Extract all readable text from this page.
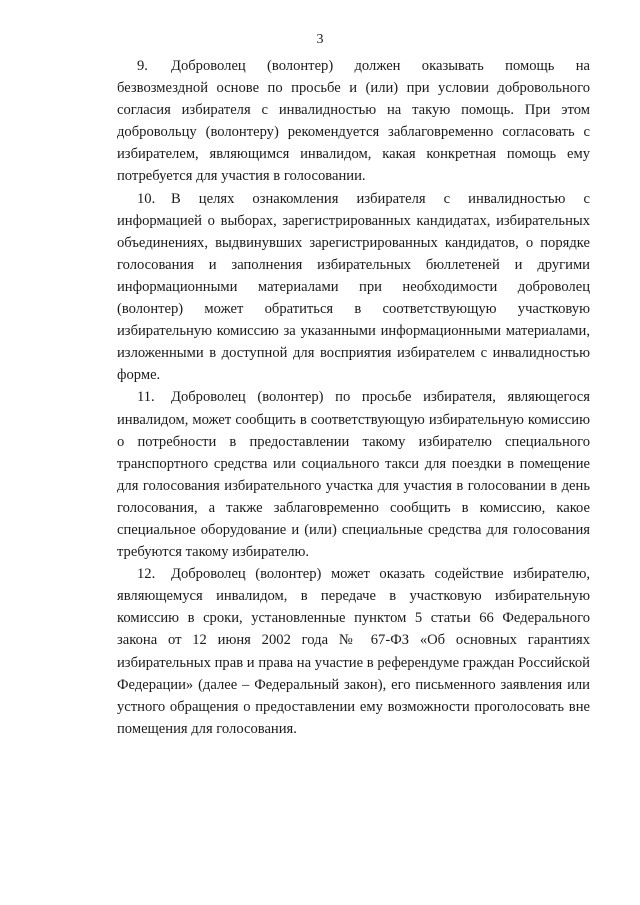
3

9. Доброволец (волонтер) должен оказывать помощь на безвозмездной основе по просьбе и (или) при условии добровольного согласия избирателя с инвалидностью на такую помощь. При этом добровольцу (волонтеру) рекомендуется заблаговременно согласовать с избирателем, являющимся инвалидом, какая конкретная помощь ему потребуется для участия в голосовании.

10. В целях ознакомления избирателя с инвалидностью с информацией о выборах, зарегистрированных кандидатах, избирательных объединениях, выдвинувших зарегистрированных кандидатов, о порядке голосования и заполнения избирательных бюллетеней и другими информационными материалами при необходимости доброволец (волонтер) может обратиться в соответствующую участковую избирательную комиссию за указанными информационными материалами, изложенными в доступной для восприятия избирателем с инвалидностью форме.

11. Доброволец (волонтер) по просьбе избирателя, являющегося инвалидом, может сообщить в соответствующую избирательную комиссию о потребности в предоставлении такому избирателю специального транспортного средства или социального такси для поездки в помещение для голосования избирательного участка для участия в голосовании в день голосования, а также заблаговременно сообщить в комиссию, какое специальное оборудование и (или) специальные средства для голосования требуются такому избирателю.

12. Доброволец (волонтер) может оказать содействие избирателю, являющемуся инвалидом, в передаче в участковую избирательную комиссию в сроки, установленные пунктом 5 статьи 66 Федерального закона от 12 июня 2002 года № 67-ФЗ «Об основных гарантиях избирательных прав и права на участие в референдуме граждан Российской Федерации» (далее – Федеральный закон), его письменного заявления или устного обращения о предоставлении ему возможности проголосовать вне помещения для голосования.
